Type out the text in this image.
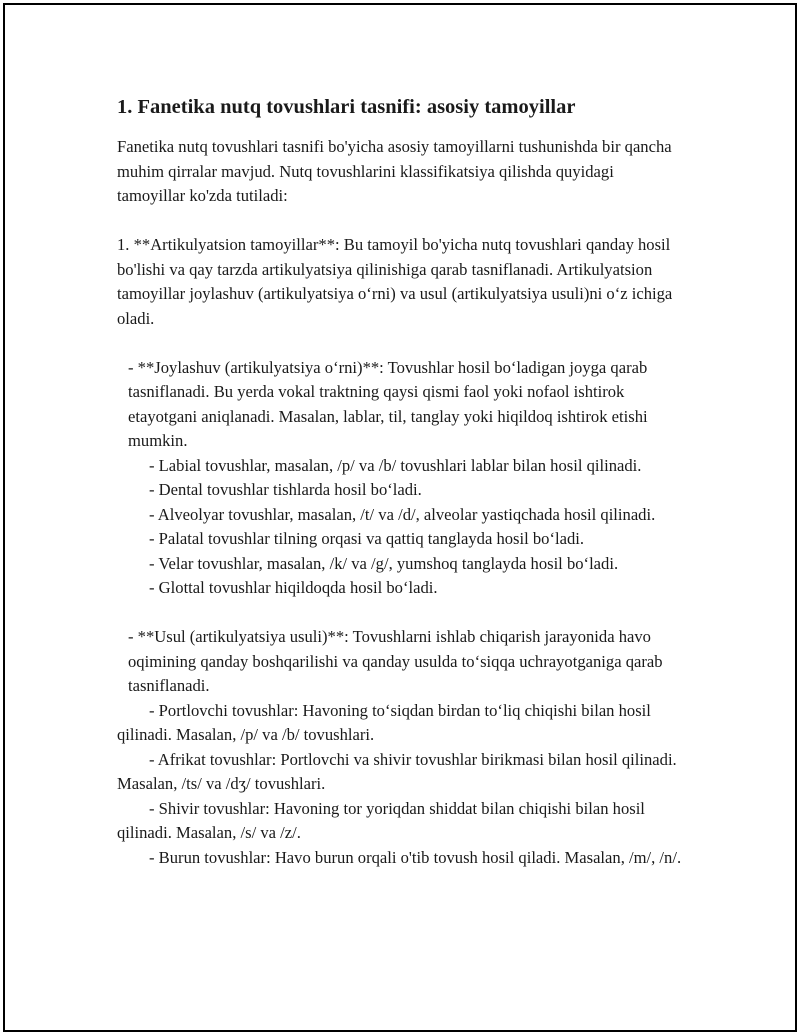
1. Fanetika nutq tovushlari tasnifi: asosiy tamoyillar

Fanetika nutq tovushlari tasnifi bo'yicha asosiy tamoyillarni tushunishda bir qancha muhim qirralar mavjud. Nutq tovushlarini klassifikatsiya qilishda quyidagi tamoyillar ko'zda tutiladi:

1. **Artikulyatsion tamoyillar**: Bu tamoyil bo'yicha nutq tovushlari qanday hosil bo'lishi va qay tarzda artikulyatsiya qilinishiga qarab tasniflanadi. Artikulyatsion tamoyillar joylashuv (artikulyatsiya o‘rni) va usul (artikulyatsiya usuli)ni o‘z ichiga oladi.

- **Joylashuv (artikulyatsiya o‘rni)**: Tovushlar hosil bo‘ladigan joyga qarab tasniflanadi. Bu yerda vokal traktning qaysi qismi faol yoki nofaol ishtirok etayotgani aniqlanadi. Masalan, lablar, til, tanglay yoki hiqildoq ishtirok etishi mumkin.

- Labial tovushlar, masalan, /p/ va /b/ tovushlari lablar bilan hosil qilinadi.

- Dental tovushlar tishlarda hosil bo‘ladi.

- Alveolyar tovushlar, masalan, /t/ va /d/, alveolar yastiqchada hosil qilinadi.

- Palatal tovushlar tilning orqasi va qattiq tanglayda hosil bo‘ladi.

- Velar tovushlar, masalan, /k/ va /g/, yumshoq tanglayda hosil bo‘ladi.

- Glottal tovushlar hiqildoqda hosil bo‘ladi.

- **Usul (artikulyatsiya usuli)**: Tovushlarni ishlab chiqarish jarayonida havo oqimining qanday boshqarilishi va qanday usulda to‘siqqa uchrayotganiga qarab tasniflanadi.

- Portlovchi tovushlar: Havoning to‘siqdan birdan to‘liq chiqishi bilan hosil qilinadi. Masalan, /p/ va /b/ tovushlari.

- Afrikat tovushlar: Portlovchi va shivir tovushlar birikmasi bilan hosil qilinadi. Masalan, /ts/ va /dʒ/ tovushlari.

- Shivir tovushlar: Havoning tor yoriqdan shiddat bilan chiqishi bilan hosil qilinadi. Masalan, /s/ va /z/.

- Burun tovushlar: Havo burun orqali o'tib tovush hosil qiladi. Masalan, /m/, /n/.
